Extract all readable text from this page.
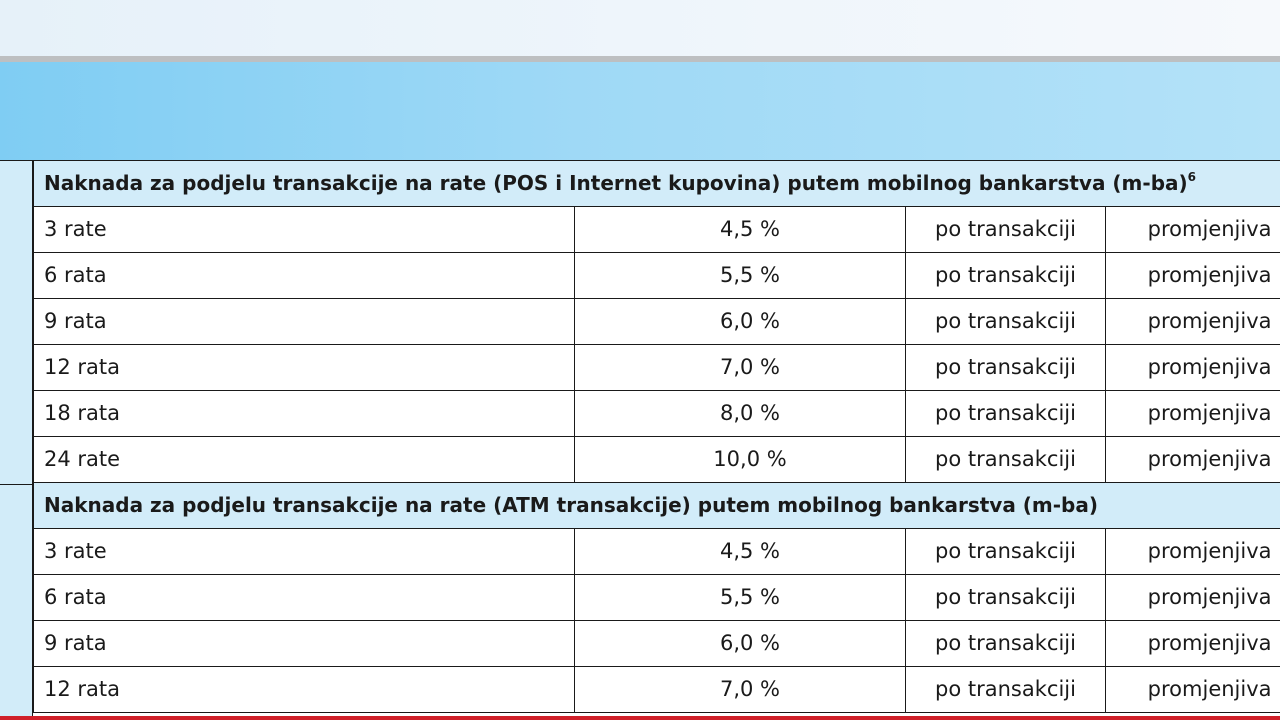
Naknada za podjelu transakcije na rate (POS i Internet kupovina) putem mobilnog bankarstva $(m-ba)^6$
3 rate	4,5 %	po transakciji	promjenjiva
6 rata	5,5 %	po transakciji	promjenjiva
9 rata	6,0 %	po transakciji	promjenjiva
12 rata	7,0 %	po transakciji	promjenjiva
18 rata	8,0 %	po transakciji	promjenjiva
24 rate	10,0 %	po transakciji	promjenjiva
Naknada za podjelu transakcije na rate (ATM transakcije) putem mobilnog bankarstva (m-ba)			
3 rate	4,5 %	po transakciji	promjenjiva
6 rata	5,5 %	po transakciji	promjenjiva
9 rata	6,0 %	po transakciji	promjenjiva
12 rata	7,0 %	po transakciji	promjenjiva
